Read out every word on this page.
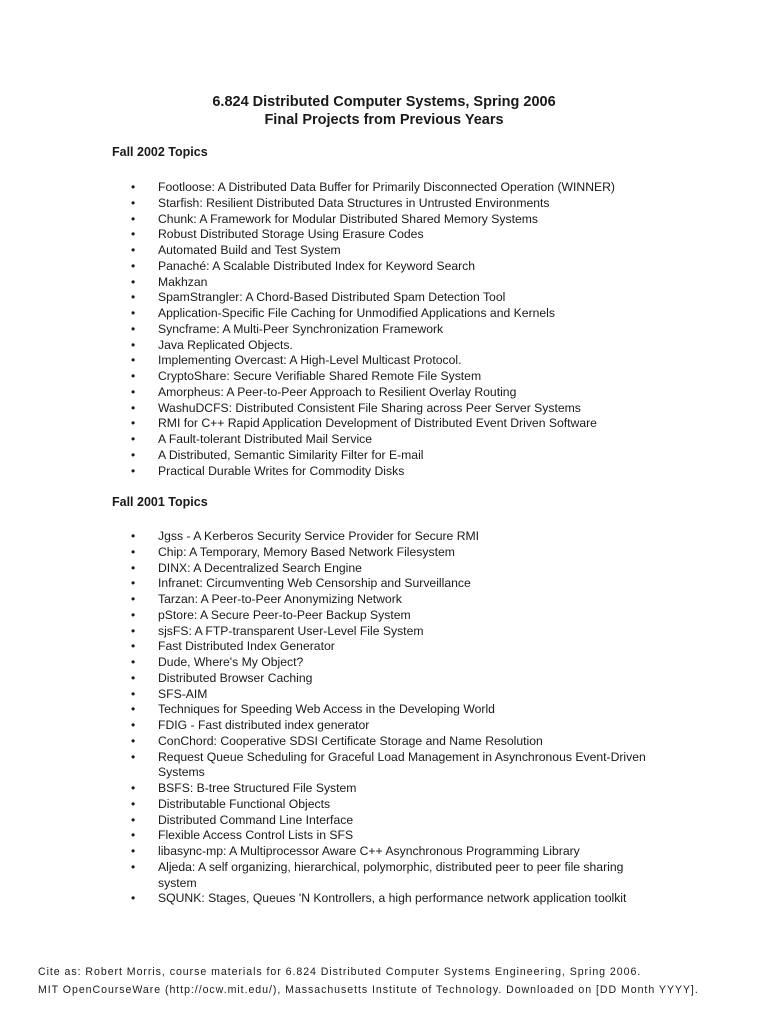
6.824 Distributed Computer Systems, Spring 2006
Final Projects from Previous Years
Fall 2002 Topics
• Footloose: A Distributed Data Buffer for Primarily Disconnected Operation (WINNER)
• Starfish: Resilient Distributed Data Structures in Untrusted Environments
• Chunk: A Framework for Modular Distributed Shared Memory Systems
• Robust Distributed Storage Using Erasure Codes
• Automated Build and Test System
• Panaché: A Scalable Distributed Index for Keyword Search
• Makhzan
• SpamStrangler: A Chord-Based Distributed Spam Detection Tool
• Application-Specific File Caching for Unmodified Applications and Kernels
• Syncframe: A Multi-Peer Synchronization Framework
• Java Replicated Objects.
• Implementing Overcast: A High-Level Multicast Protocol.
• CryptoShare: Secure Verifiable Shared Remote File System
• Amorpheus: A Peer-to-Peer Approach to Resilient Overlay Routing
• WashuDCFS: Distributed Consistent File Sharing across Peer Server Systems
• RMI for C++ Rapid Application Development of Distributed Event Driven Software
• A Fault-tolerant Distributed Mail Service
• A Distributed, Semantic Similarity Filter for E-mail
• Practical Durable Writes for Commodity Disks
Fall 2001 Topics
• Jgss - A Kerberos Security Service Provider for Secure RMI
• Chip: A Temporary, Memory Based Network Filesystem
• DINX: A Decentralized Search Engine
• Infranet: Circumventing Web Censorship and Surveillance
• Tarzan: A Peer-to-Peer Anonymizing Network
• pStore: A Secure Peer-to-Peer Backup System
• sjsFS: A FTP-transparent User-Level File System
• Fast Distributed Index Generator
• Dude, Where's My Object?
• Distributed Browser Caching
• SFS-AIM
• Techniques for Speeding Web Access in the Developing World
• FDIG - Fast distributed index generator
• ConChord: Cooperative SDSI Certificate Storage and Name Resolution
• Request Queue Scheduling for Graceful Load Management in Asynchronous Event-Driven Systems
• BSFS: B-tree Structured File System
• Distributable Functional Objects
• Distributed Command Line Interface
• Flexible Access Control Lists in SFS
• libasync-mp: A Multiprocessor Aware C++ Asynchronous Programming Library
• Aljeda: A self organizing, hierarchical, polymorphic, distributed peer to peer file sharing system
• SQUNK: Stages, Queues 'N Kontrollers, a high performance network application toolkit
Cite as: Robert Morris, course materials for 6.824 Distributed Computer Systems Engineering, Spring 2006.
MIT OpenCourseWare (http://ocw.mit.edu/), Massachusetts Institute of Technology. Downloaded on [DD Month YYYY].
